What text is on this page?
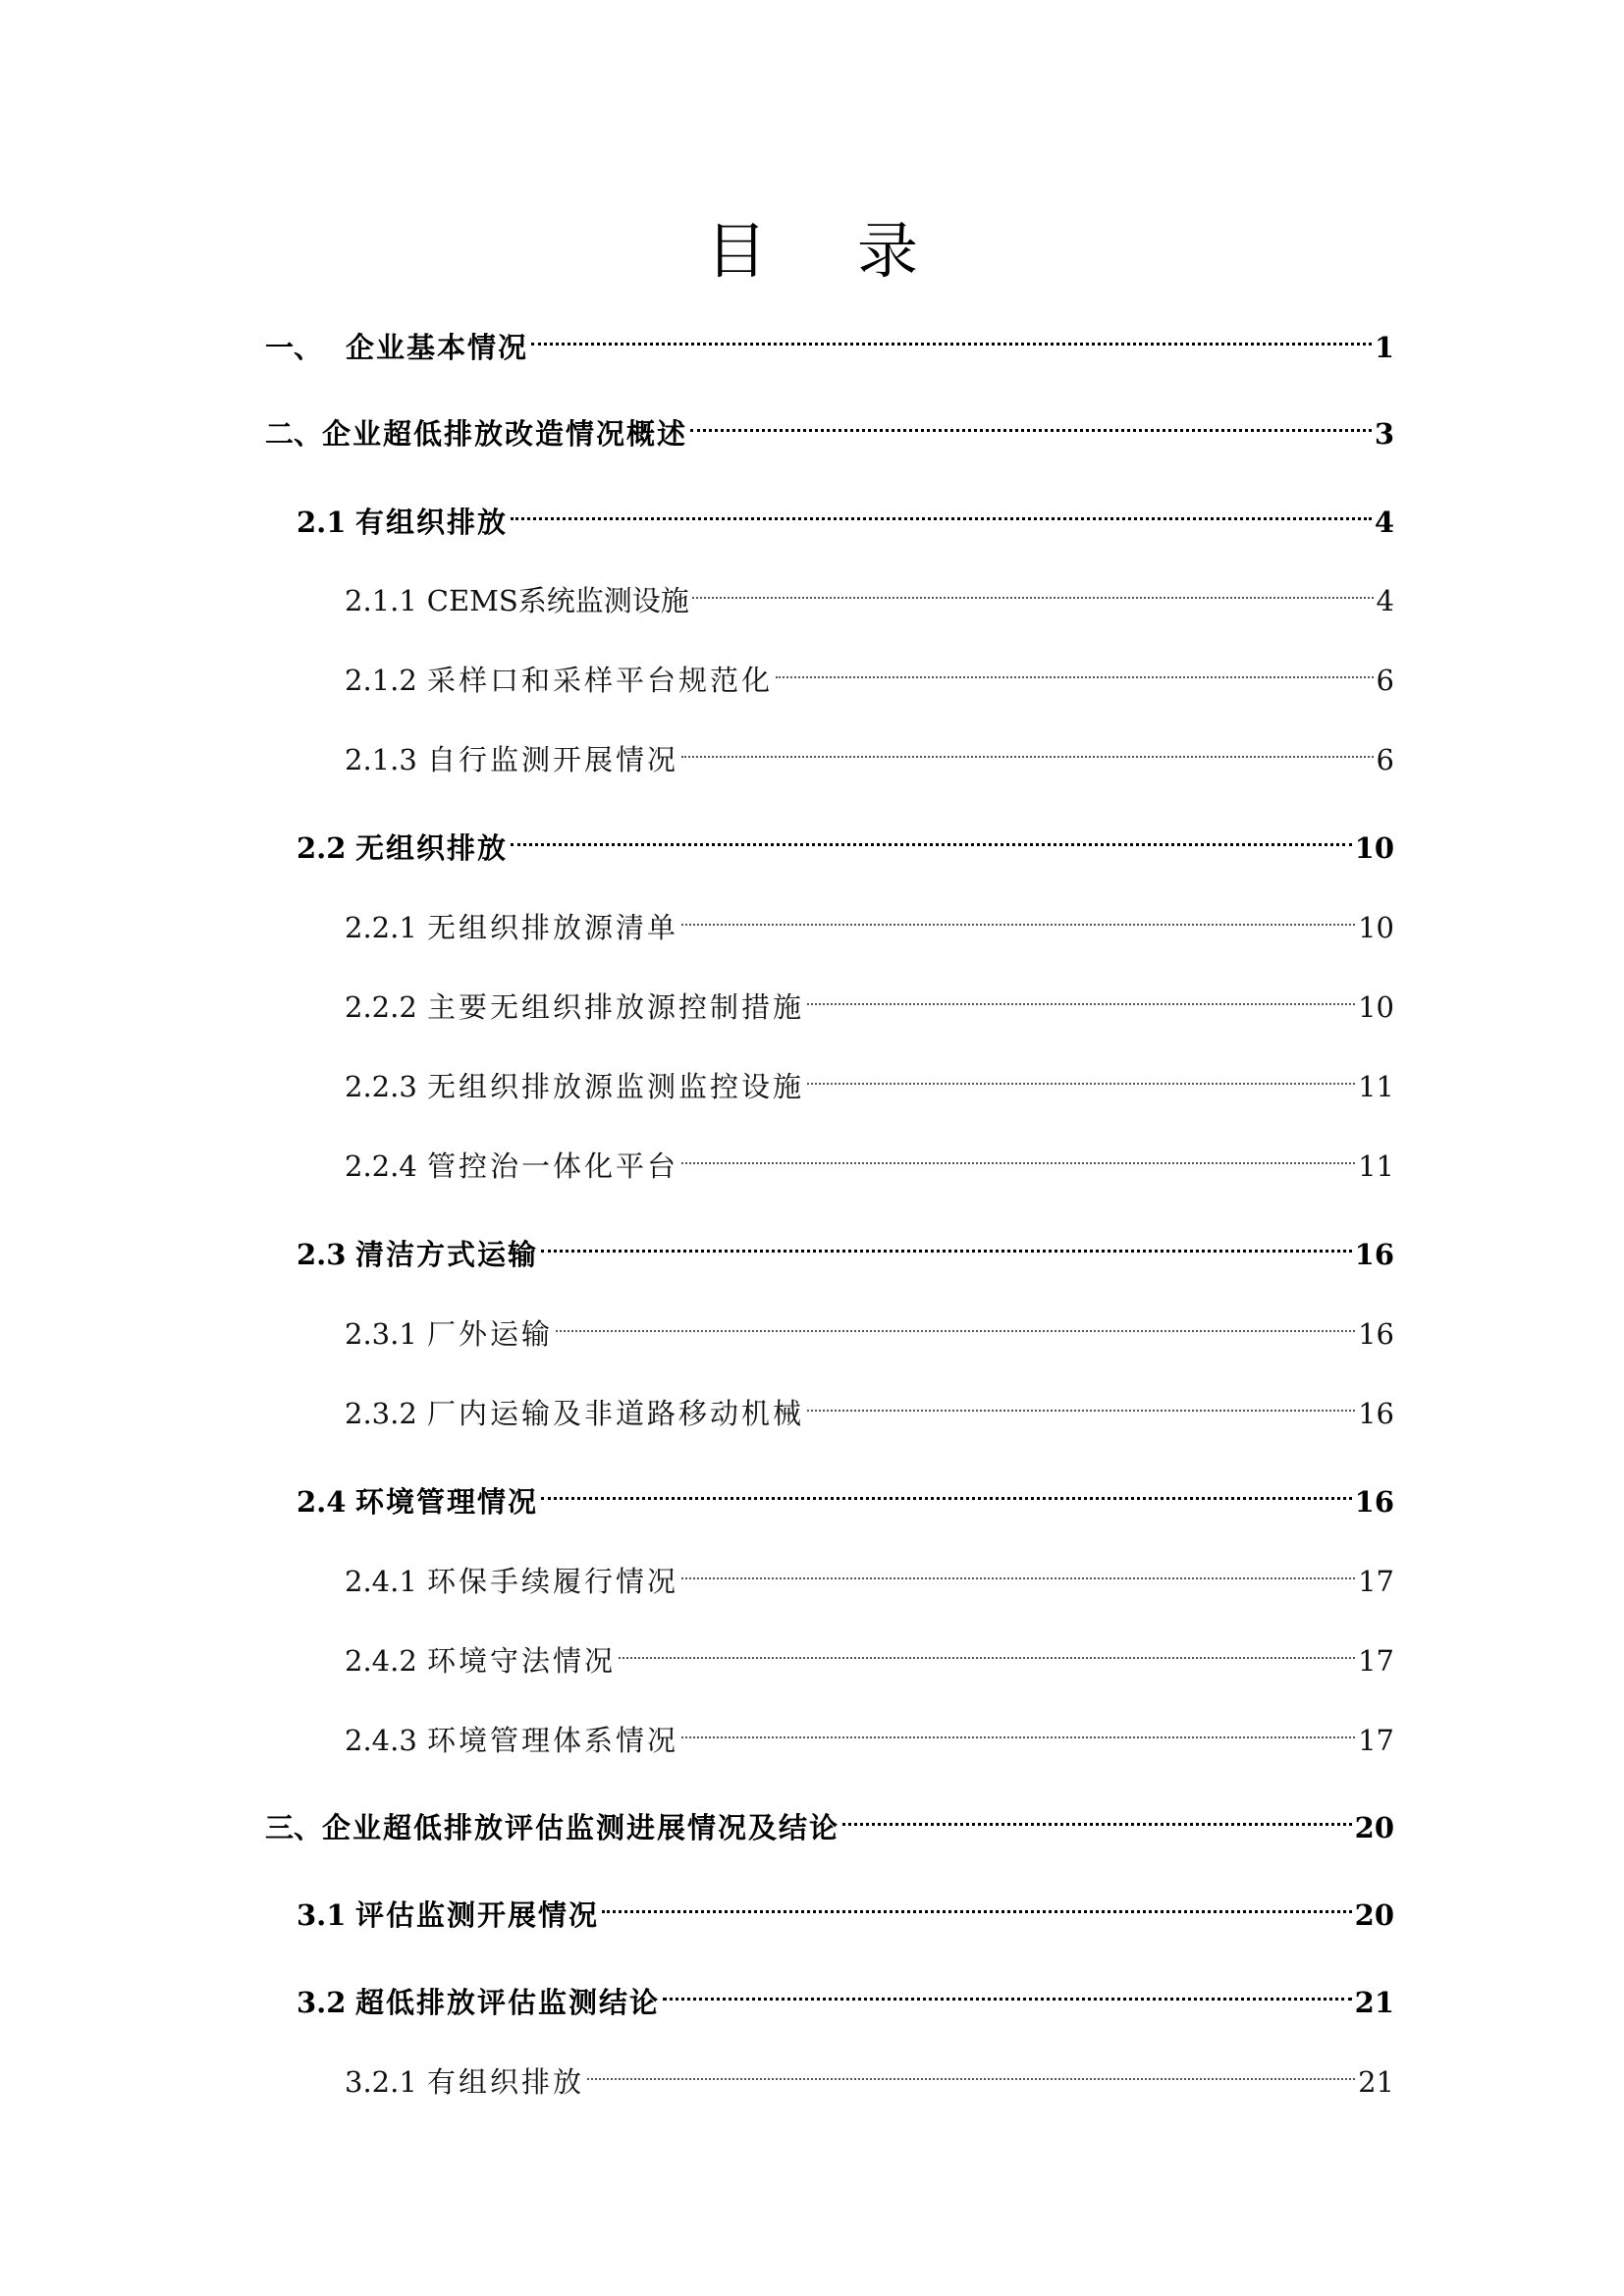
目 录
一、 企业基本情况	1
二、 企业超低排放改造情况概述	3
2.1 有组织排放	4
2.1.1 CEMS系统监测设施	4
2.1.2 采样口和采样平台规范化	6
2.1.3 自行监测开展情况	6
2.2 无组织排放	10
2.2.1 无组织排放源清单	10
2.2.2 主要无组织排放源控制措施	10
2.2.3 无组织排放源监测监控设施	11
2.2.4 管控治一体化平台	11
2.3 清洁方式运输	16
2.3.1 厂外运输	16
2.3.2 厂内运输及非道路移动机械	16
2.4 环境管理情况	16
2.4.1 环保手续履行情况	17
2.4.2 环境守法情况	17
2.4.3 环境管理体系情况	17
三、 企业超低排放评估监测进展情况及结论	20
3.1 评估监测开展情况	20
3.2 超低排放评估监测结论	21
3.2.1 有组织排放	21
